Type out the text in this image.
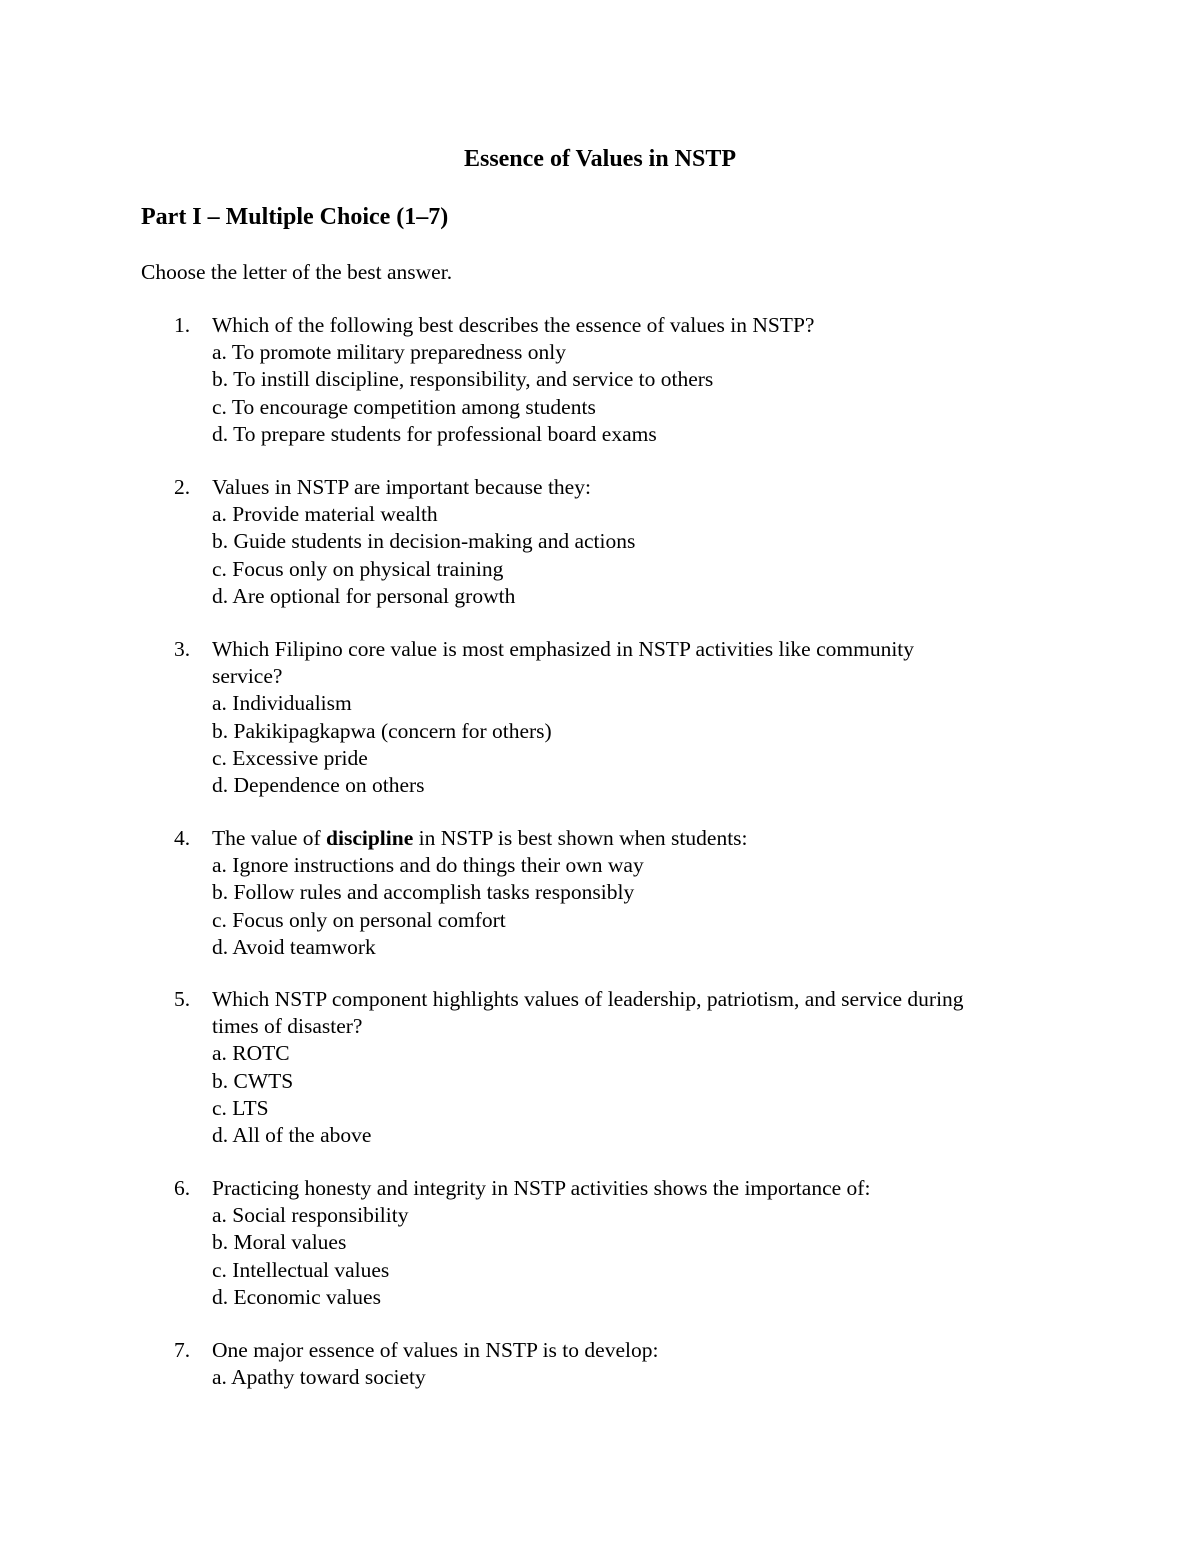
Essence of Values in NSTP
Part I – Multiple Choice (1–7)

Choose the letter of the best answer.

1. Which of the following best describes the essence of values in NSTP?
a. To promote military preparedness only
b. To instill discipline, responsibility, and service to others
c. To encourage competition among students
d. To prepare students for professional board exams
2. Values in NSTP are important because they:
a. Provide material wealth
b. Guide students in decision-making and actions
c. Focus only on physical training
d. Are optional for personal growth
3. Which Filipino core value is most emphasized in NSTP activities like community
service?
a. Individualism
b. Pakikipagkapwa (concern for others)
c. Excessive pride
d. Dependence on others
4. The value of discipline in NSTP is best shown when students:
a. Ignore instructions and do things their own way
b. Follow rules and accomplish tasks responsibly
c. Focus only on personal comfort
d. Avoid teamwork
5. Which NSTP component highlights values of leadership, patriotism, and service during
times of disaster?
a. ROTC
b. CWTS
c. LTS
d. All of the above
6. Practicing honesty and integrity in NSTP activities shows the importance of:
a. Social responsibility
b. Moral values
c. Intellectual values
d. Economic values
7. One major essence of values in NSTP is to develop:
a. Apathy toward society
